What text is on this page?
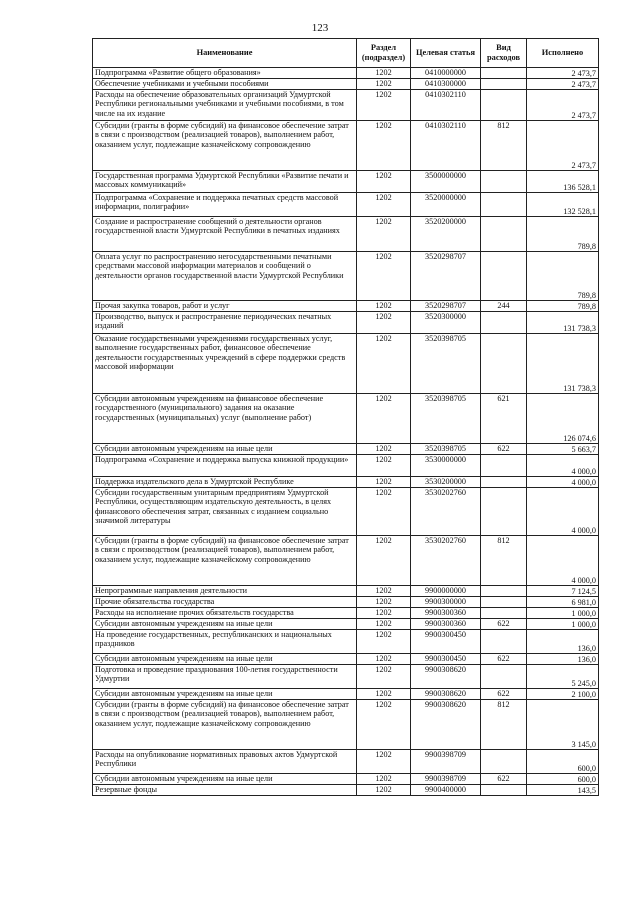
123
Наименование	Раздел (подраздел)	Целевая статья	Вид расходов	Исполнено
Подпрограмма «Развитие общего образования»	1202	0410000000		2 473,7
Обеспечение учебниками и учебными пособиями	1202	0410300000		2 473,7
Расходы на обеспечение образовательных организаций Удмуртской Республики региональными учебниками и учебными пособиями, в том числе на их издание	1202	0410302110		2 473,7
Субсидии (гранты в форме субсидий) на финансовое обеспечение затрат в связи с производством (реализацией товаров), выполнением работ, оказанием услуг, подлежащие казначейскому сопровождению	1202	0410302110	812	2 473,7
Государственная программа Удмуртской Республики «Развитие печати и массовых коммуникаций»	1202	3500000000		136 528,1
Подпрограмма «Сохранение и поддержка печатных средств массовой информации, полиграфии»	1202	3520000000		132 528,1
Создание и распространение сообщений о деятельности органов государственной власти Удмуртской Республики в печатных изданиях	1202	3520200000		789,8
Оплата услуг по распространению негосударственными печатными средствами массовой информации материалов и сообщений о деятельности органов государственной власти Удмуртской Республики	1202	3520298707		789,8
Прочая закупка товаров, работ и услуг	1202	3520298707	244	789,8
Производство, выпуск и распространение периодических печатных изданий	1202	3520300000		131 738,3
Оказание государственными учреждениями государственных услуг, выполнение государственных работ, финансовое обеспечение деятельности государственных учреждений в сфере поддержки средств массовой информации	1202	3520398705		131 738,3
Субсидии автономным учреждениям на финансовое обеспечение государственного (муниципального) задания на оказание государственных (муниципальных) услуг (выполнение работ)	1202	3520398705	621	126 074,6
Субсидии автономным учреждениям на иные цели	1202	3520398705	622	5 663,7
Подпрограмма «Сохранение и поддержка выпуска книжной продукции»	1202	3530000000		4 000,0
Поддержка издательского дела в Удмуртской Республике	1202	3530200000		4 000,0
Субсидии государственным унитарным предприятиям Удмуртской Республики, осуществляющим издательскую деятельность, в целях финансового обеспечения затрат, связанных с изданием социально значимой литературы	1202	3530202760		4 000,0
Субсидии (гранты в форме субсидий) на финансовое обеспечение затрат в связи с производством (реализацией товаров), выполнением работ, оказанием услуг, подлежащие казначейскому сопровождению	1202	3530202760	812	4 000,0
Непрограммные направления деятельности	1202	9900000000		7 124,5
Прочие обязательства государства	1202	9900300000		6 981,0
Расходы на исполнение прочих обязательств государства	1202	9900300360		1 000,0
Субсидии автономным учреждениям на иные цели	1202	9900300360	622	1 000,0
На проведение государственных, республиканских и национальных праздников	1202	9900300450		136,0
Субсидии автономным учреждениям на иные цели	1202	9900300450	622	136,0
Подготовка и проведение празднования 100-летия государственности Удмуртии	1202	9900308620		5 245,0
Субсидии автономным учреждениям на иные цели	1202	9900308620	622	2 100,0
Субсидии (гранты в форме субсидий) на финансовое обеспечение затрат в связи с производством (реализацией товаров), выполнением работ, оказанием услуг, подлежащие казначейскому сопровождению	1202	9900308620	812	3 145,0
Расходы на опубликование нормативных правовых актов Удмуртской Республики	1202	9900398709		600,0
Субсидии автономным учреждениям на иные цели	1202	9900398709	622	600,0
Резервные фонды	1202	9900400000		143,5
